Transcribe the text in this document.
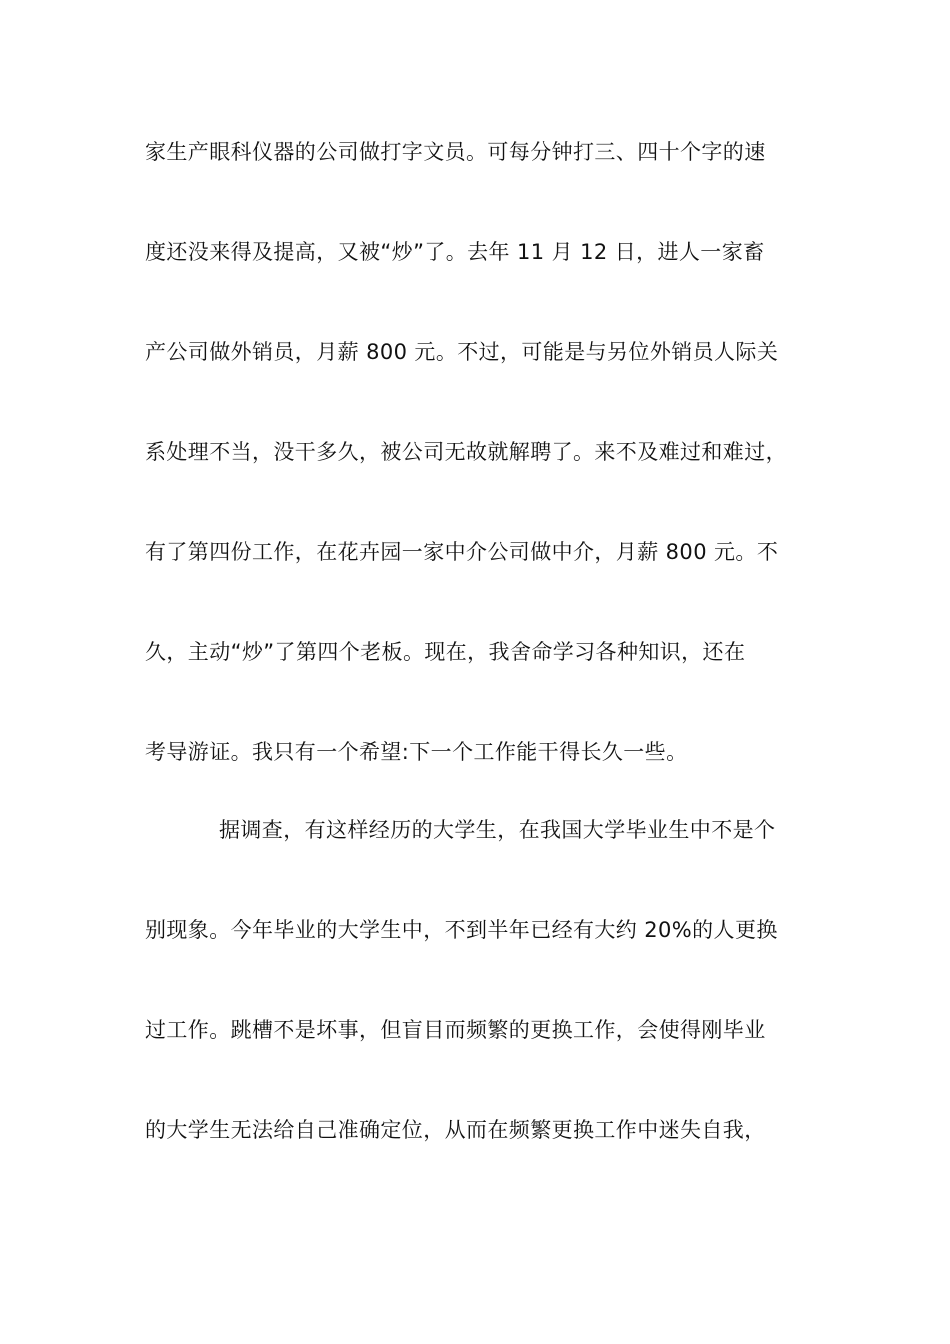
家生产眼科仪器的公司做打字文员。可每分钟打三、四十个字的速
度还没来得及提高，又被“炒”了。去年 11 月 12 日，进人一家畜
产公司做外销员，月薪 800 元。不过，可能是与另位外销员人际关
系处理不当，没干多久，被公司无故就解聘了。来不及难过和难过，
有了第四份工作，在花卉园一家中介公司做中介，月薪 800 元。不
久，主动“炒”了第四个老板。现在，我舍命学习各种知识，还在
考导游证。我只有一个希望:下一个工作能干得长久一些。
据调查，有这样经历的大学生，在我国大学毕业生中不是个
别现象。今年毕业的大学生中，不到半年已经有大约 20%的人更换
过工作。跳槽不是坏事，但盲目而频繁的更换工作，会使得刚毕业
的大学生无法给自己准确定位，从而在频繁更换工作中迷失自我，
